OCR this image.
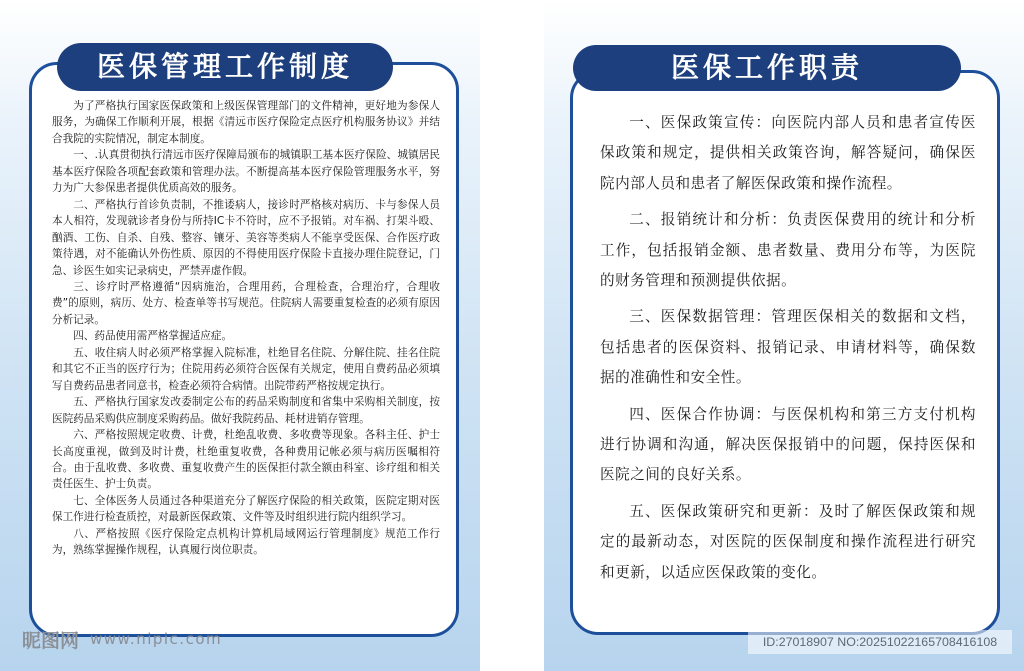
医保管理工作制度

为了严格执行国家医保政策和上级医保管理部门的文件精神，更好地为参保人服务，为确保工作顺利开展，根据《清远市医疗保险定点医疗机构服务协议》并结合我院的实院情况，制定本制度。

一、.认真贯彻执行清远市医疗保障局颁布的城镇职工基本医疗保险、城镇居民基本医疗保险各项配套政策和管理办法。不断提高基本医疗保险管理服务水平，努力为广大参保患者提供优质高效的服务。

二、严格执行首诊负责制，不推诿病人，接诊时严格核对病历、卡与参保人员本人相符，发现就诊者身份与所持IC卡不符时，应不予报销。对车祸、打架斗殴、酗酒、工伤、自杀、自残、整容、镶牙、美容等类病人不能享受医保、合作医疗政策待遇，对不能确认外伤性质、原因的不得使用医疗保险卡直接办理住院登记，门急、诊医生如实记录病史，严禁弄虚作假。

三、诊疗时严格遵循“因病施治，合理用药，合理检查，合理治疗，合理收费”的原则，病历、处方、检查单等书写规范。住院病人需要重复检查的必须有原因分析记录。

四、药品使用需严格掌握适应症。

五、收住病人时必须严格掌握入院标准，杜绝冒名住院、分解住院、挂名住院和其它不正当的医疗行为；住院用药必须符合医保有关规定，使用自费药品必须填写自费药品患者同意书，检查必须符合病情。出院带药严格按规定执行。

五、严格执行国家发改委制定公布的药品采购制度和省集中采购相关制度，按医院药品采购供应制度采购药品。做好我院药品、耗材进销存管理。

六、严格按照规定收费、计费，杜绝乱收费、多收费等现象。各科主任、护士长高度重视，做到及时计费，杜绝重复收费，各种费用记帐必须与病历医嘱相符合。由于乱收费、多收费、重复收费产生的医保拒付款全额由科室、诊疗组和相关责任医生、护士负责。

七、全体医务人员通过各种渠道充分了解医疗保险的相关政策，医院定期对医保工作进行检查质控，对最新医保政策、文件等及时组织进行院内组织学习。

八、严格按照《医疗保险定点机构计算机局域网运行管理制度》规范工作行为，熟练掌握操作规程，认真履行岗位职责。

昵图网 www.nipic.com
医保工作职责

一、医保政策宣传：向医院内部人员和患者宣传医保政策和规定，提供相关政策咨询，解答疑问，确保医院内部人员和患者了解医保政策和操作流程。

二、报销统计和分析：负责医保费用的统计和分析工作，包括报销金额、患者数量、费用分布等，为医院的财务管理和预测提供依据。

三、医保数据管理：管理医保相关的数据和文档，包括患者的医保资料、报销记录、申请材料等，确保数据的准确性和安全性。

四、医保合作协调：与医保机构和第三方支付机构进行协调和沟通，解决医保报销中的问题，保持医保和医院之间的良好关系。

五、医保政策研究和更新：及时了解医保政策和规定的最新动态，对医院的医保制度和操作流程进行研究和更新，以适应医保政策的变化。

ID:27018907 NO:20251022165708416108
